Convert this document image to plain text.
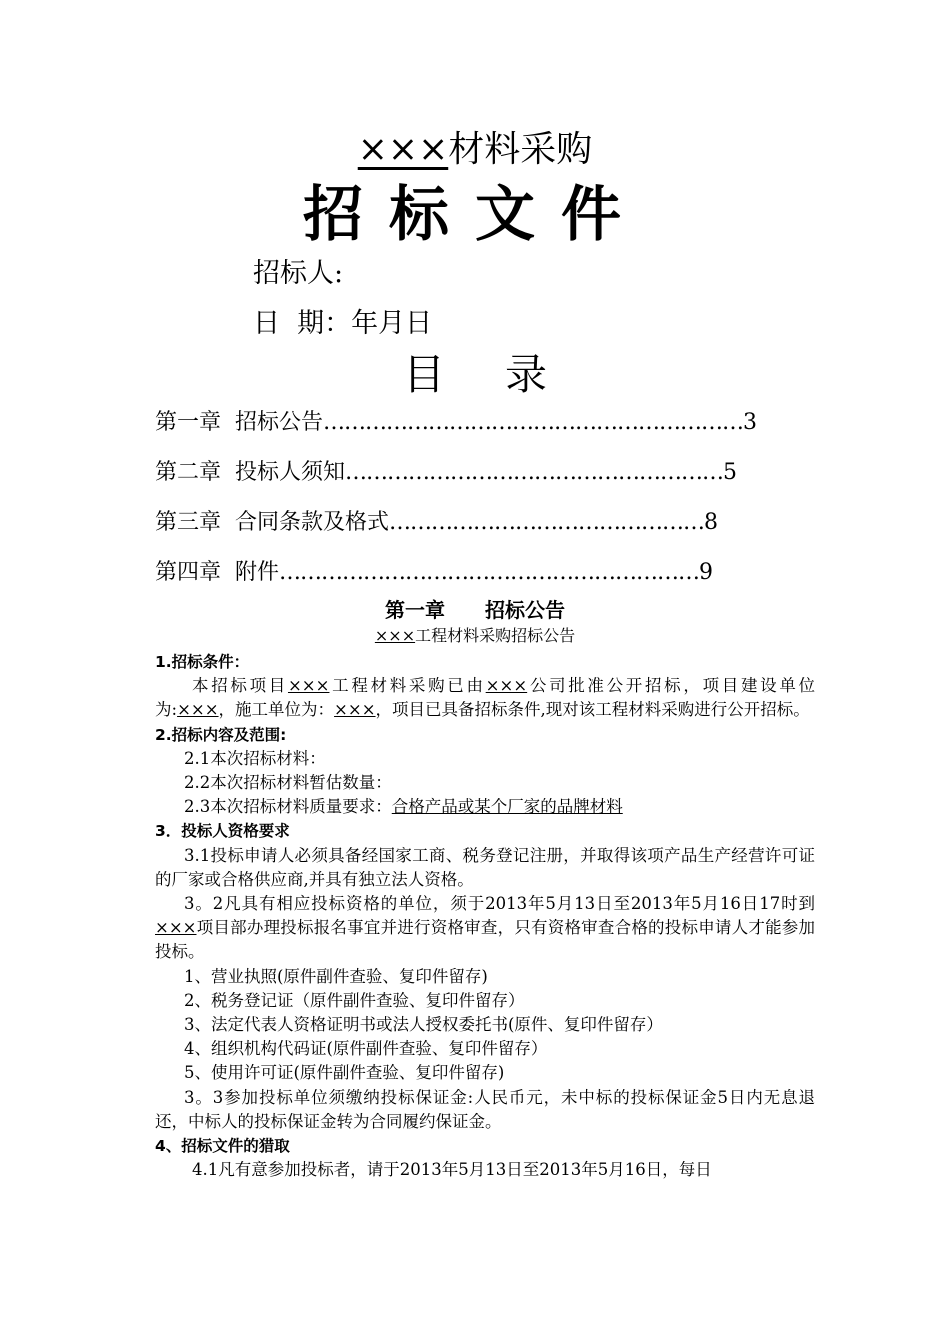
×××材料采购
招标文件
招标人:
日  期：年月日
目录
第一章 招标公告……………………………………………………3
第二章 投标人须知………………………………………………5
第三章 合同条款及格式………………………………………8
第四章 附件……………………………………………………9
第一章 招标公告
×××工程材料采购招标公告

1.招标条件：

本招标项目×××工程材料采购已由×××公司批准公开招标，项目建设单位为:×××，施工单位为：×××，项目已具备招标条件,现对该工程材料采购进行公开招标。

2.招标内容及范围:

2.1本次招标材料：

2.2本次招标材料暂估数量：

2.3本次招标材料质量要求：合格产品或某个厂家的品牌材料

3．投标人资格要求

3.1投标申请人必须具备经国家工商、税务登记注册，并取得该项产品生产经营许可证的厂家或合格供应商,并具有独立法人资格。

3。2凡具有相应投标资格的单位，须于2013年5月13日至2013年5月16日17时到×××项目部办理投标报名事宜并进行资格审查，只有资格审查合格的投标申请人才能参加投标。

1、营业执照(原件副件查验、复印件留存)

2、税务登记证（原件副件查验、复印件留存）

3、法定代表人资格证明书或法人授权委托书(原件、复印件留存）

4、组织机构代码证(原件副件查验、复印件留存）

5、使用许可证(原件副件查验、复印件留存)

3。3参加投标单位须缴纳投标保证金:人民币元，未中标的投标保证金5日内无息退还，中标人的投标保证金转为合同履约保证金。

4、招标文件的猎取

4.1凡有意参加投标者，请于2013年5月13日至2013年5月16日，每日
